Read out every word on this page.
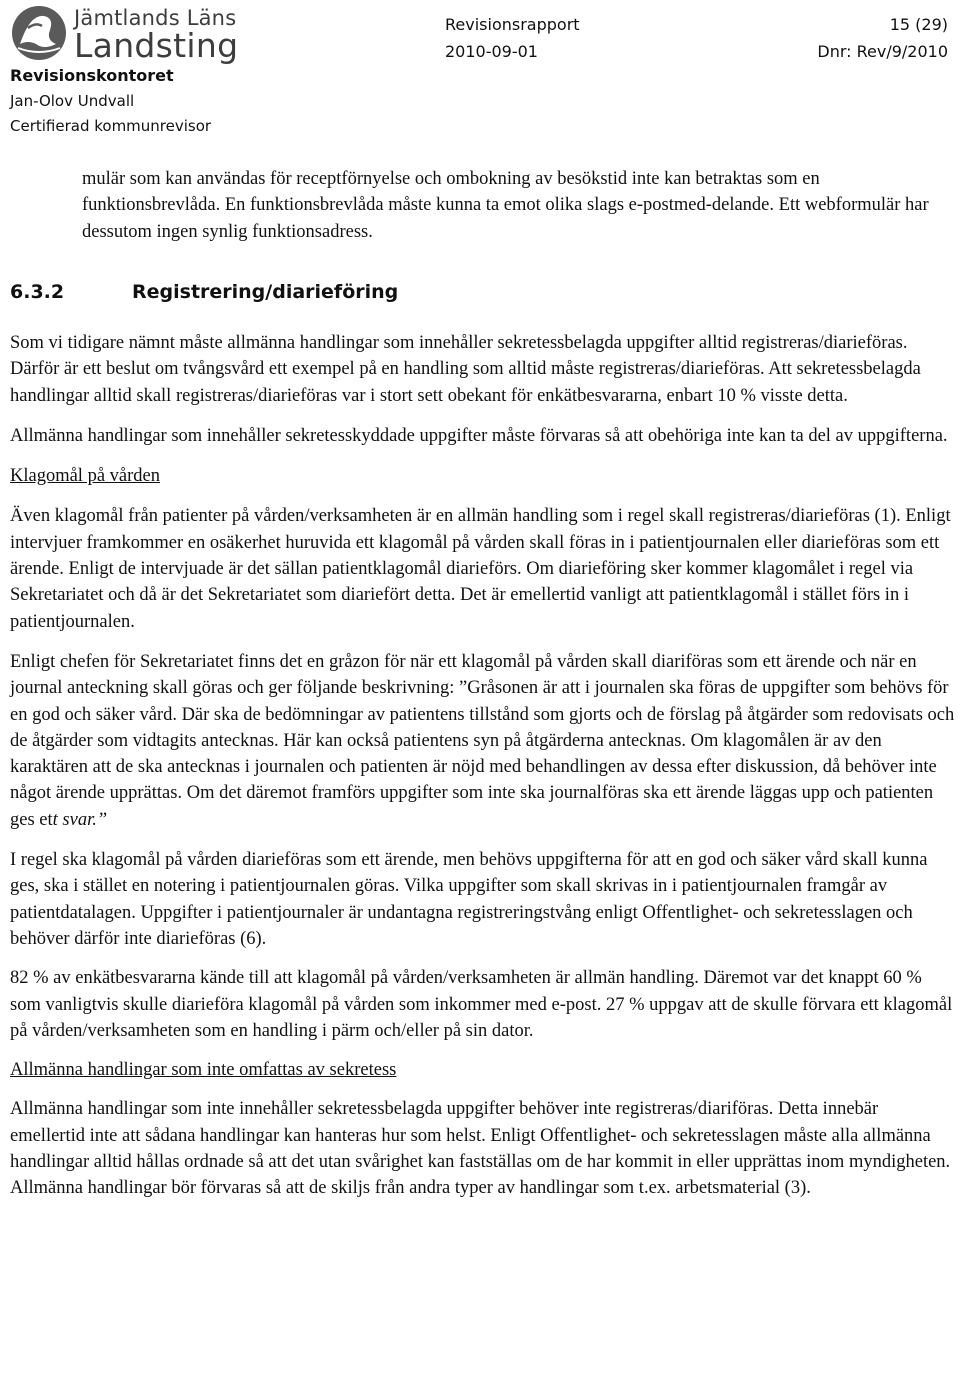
Jämtlands Läns
Landsting
Revisionskontoret
Jan-Olov Undvall
Certifierad kommunrevisor
Revisionsrapport
2010-09-01
15 (29)
Dnr: Rev/9/2010

mulär som kan användas för receptförnyelse och ombokning av besökstid inte kan betraktas som en funktionsbrevlåda. En funktionsbrevlåda måste kunna ta emot olika slags e-postmed-delande. Ett webformulär har dessutom ingen synlig funktionsadress.

6.3.2	Registrering/diarieföring

Som vi tidigare nämnt måste allmänna handlingar som innehåller sekretessbelagda uppgifter alltid registreras/diarieföras. Därför är ett beslut om tvångsvård ett exempel på en handling som alltid måste registreras/diarieföras. Att sekretessbelagda handlingar alltid skall registreras/diarieföras var i stort sett obekant för enkätbesvararna, enbart 10 % visste detta.

Allmänna handlingar som innehåller sekretesskyddade uppgifter måste förvaras så att obehöriga inte kan ta del av uppgifterna.

Klagomål på vården

Även klagomål från patienter på vården/verksamheten är en allmän handling som i regel skall registreras/diarieföras (1). Enligt intervjuer framkommer en osäkerhet huruvida ett klagomål på vården skall föras in i patientjournalen eller diarieföras som ett ärende. Enligt de intervjuade är det sällan patientklagomål diarieförs. Om diarieföring sker kommer klagomålet i regel via Sekretariatet och då är det Sekretariatet som diariefört detta. Det är emellertid vanligt att patientklagomål i stället förs in i patientjournalen.

Enligt chefen för Sekretariatet finns det en gråzon för när ett klagomål på vården skall diariföras som ett ärende och när en journal anteckning skall göras och ger följande beskrivning: ”Gråsonen är att i journalen ska föras de uppgifter som behövs för en god och säker vård. Där ska de bedömningar av patientens tillstånd som gjorts och de förslag på åtgärder som redovisats och de åtgärder som vidtagits antecknas. Här kan också patientens syn på åtgärderna antecknas. Om klagomålen är av den karaktären att de ska antecknas i journalen och patienten är nöjd med behandlingen av dessa efter diskussion, då behöver inte något ärende upprättas. Om det däremot framförs uppgifter som inte ska journalföras ska ett ärende läggas upp och patienten ges ett svar.”

I regel ska klagomål på vården diarieföras som ett ärende, men behövs uppgifterna för att en god och säker vård skall kunna ges, ska i stället en notering i patientjournalen göras. Vilka uppgifter som skall skrivas in i patientjournalen framgår av patientdatalagen. Uppgifter i patientjournaler är undantagna registreringstvång enligt Offentlighet- och sekretesslagen och behöver därför inte diarieföras (6).

82 % av enkätbesvararna kände till att klagomål på vården/verksamheten är allmän handling. Däremot var det knappt 60 % som vanligtvis skulle diarieföra klagomål på vården som inkommer med e-post. 27 % uppgav att de skulle förvara ett klagomål på vården/verksamheten som en handling i pärm och/eller på sin dator.

Allmänna handlingar som inte omfattas av sekretess

Allmänna handlingar som inte innehåller sekretessbelagda uppgifter behöver inte registreras/diariföras. Detta innebär emellertid inte att sådana handlingar kan hanteras hur som helst. Enligt Offentlighet- och sekretesslagen måste alla allmänna handlingar alltid hållas ordnade så att det utan svårighet kan fastställas om de har kommit in eller upprättas inom myndigheten. Allmänna handlingar bör förvaras så att de skiljs från andra typer av handlingar som t.ex. arbetsmaterial (3).
